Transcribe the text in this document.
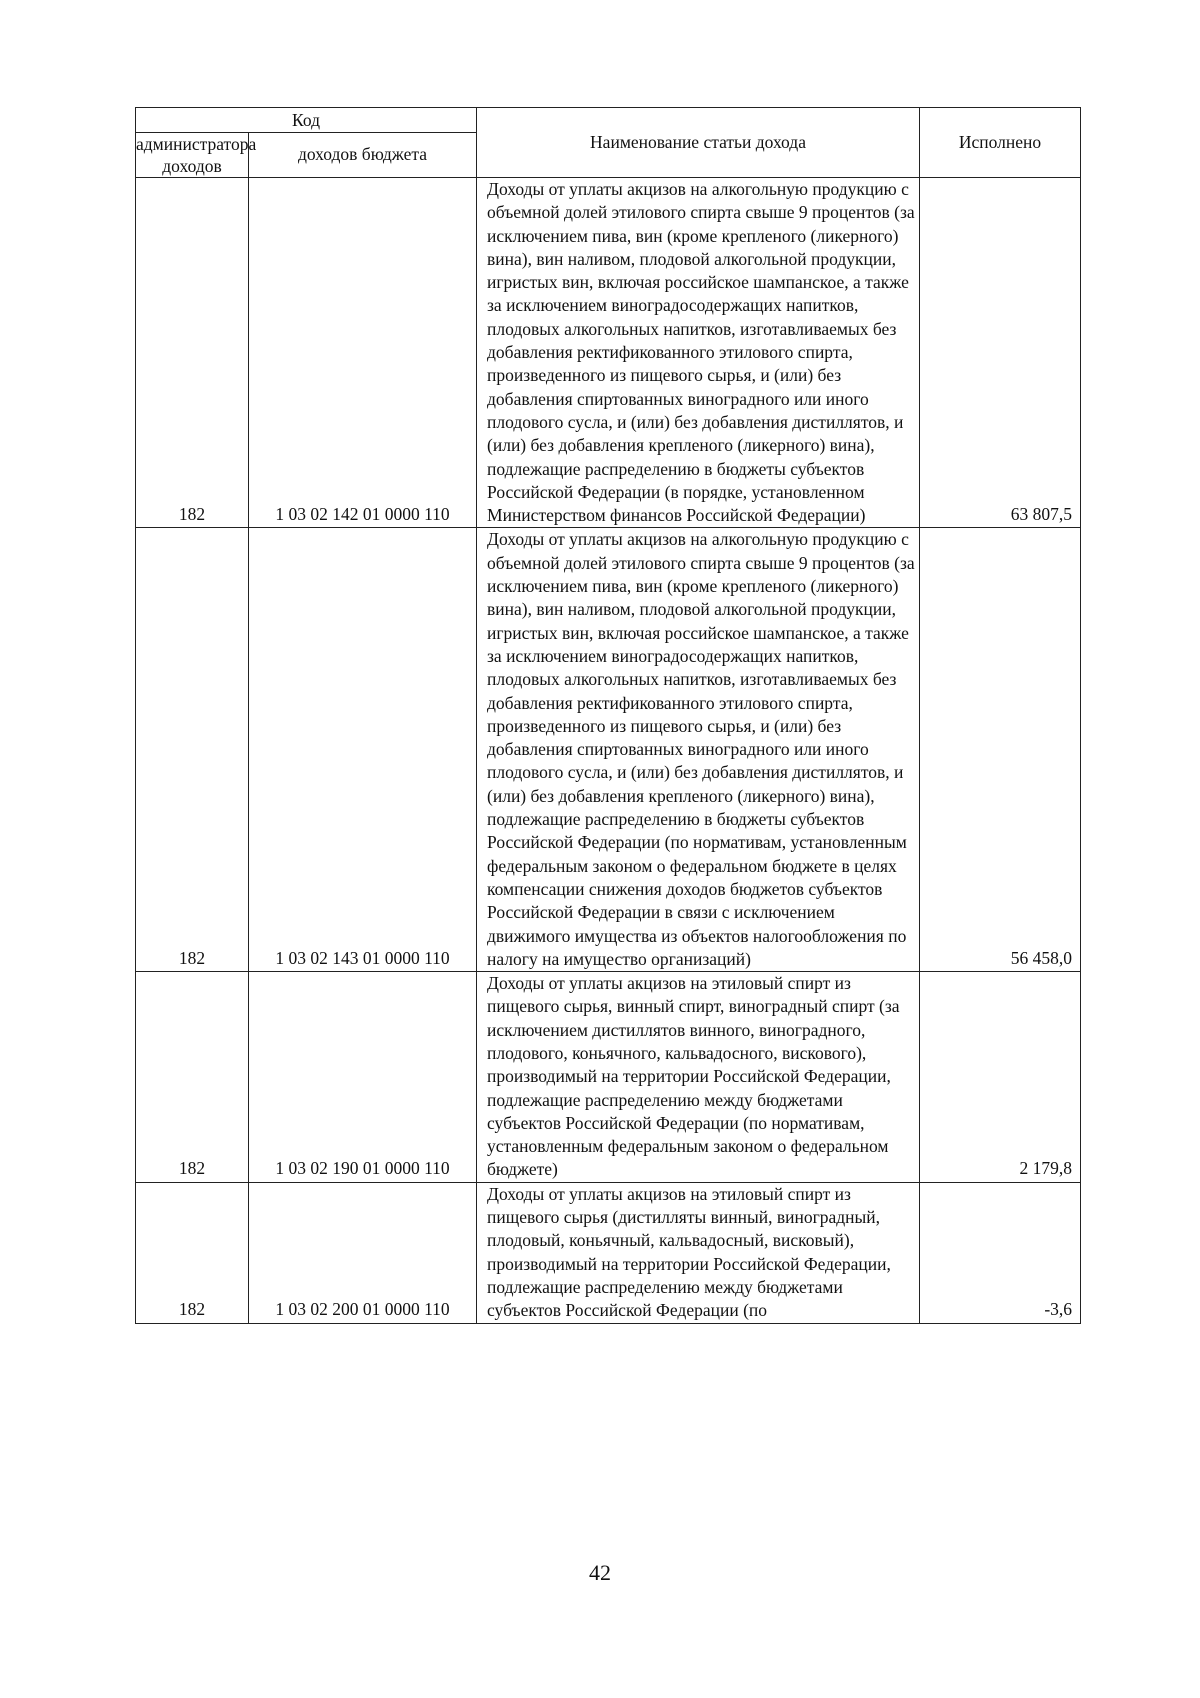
Код		Наименование статьи дохода	Исполнено
администратора доходов	доходов бюджета		
182	1 03 02 142 01 0000 110	Доходы от уплаты акцизов на алкогольную продукцию с объемной долей этилового спирта свыше 9 процентов (за исключением пива, вин (кроме крепленого (ликерного) вина), вин наливом, плодовой алкогольной продукции, игристых вин, включая российское шампанское, а также за исключением виноградосодержащих напитков, плодовых алкогольных напитков, изготавливаемых без добавления ректификованного этилового спирта, произведенного из пищевого сырья, и (или) без добавления спиртованных виноградного или иного плодового сусла, и (или) без добавления дистиллятов, и (или) без добавления крепленого (ликерного) вина), подлежащие распределению в бюджеты субъектов Российской Федерации (в порядке, установленном Министерством финансов Российской Федерации)	63 807,5
182	1 03 02 143 01 0000 110	Доходы от уплаты акцизов на алкогольную продукцию с объемной долей этилового спирта свыше 9 процентов (за исключением пива, вин (кроме крепленого (ликерного) вина), вин наливом, плодовой алкогольной продукции, игристых вин, включая российское шампанское, а также за исключением виноградосодержащих напитков, плодовых алкогольных напитков, изготавливаемых без добавления ректификованного этилового спирта, произведенного из пищевого сырья, и (или) без добавления спиртованных виноградного или иного плодового сусла, и (или) без добавления дистиллятов, и (или) без добавления крепленого (ликерного) вина), подлежащие распределению в бюджеты субъектов Российской Федерации (по нормативам, установленным федеральным законом о федеральном бюджете в целях компенсации снижения доходов бюджетов субъектов Российской Федерации в связи с исключением движимого имущества из объектов налогообложения по налогу на имущество организаций)	56 458,0
182	1 03 02 190 01 0000 110	Доходы от уплаты акцизов на этиловый спирт из пищевого сырья, винный спирт, виноградный спирт (за исключением дистиллятов винного, виноградного, плодового, коньячного, кальвадосного, вискового), производимый на территории Российской Федерации, подлежащие распределению между бюджетами субъектов Российской Федерации (по нормативам, установленным федеральным законом о федеральном бюджете)	2 179,8
182	1 03 02 200 01 0000 110	Доходы от уплаты акцизов на этиловый спирт из пищевого сырья (дистилляты винный, виноградный, плодовый, коньячный, кальвадосный, висковый), производимый на территории Российской Федерации, подлежащие распределению между бюджетами субъектов Российской Федерации (по	-3,6
42
